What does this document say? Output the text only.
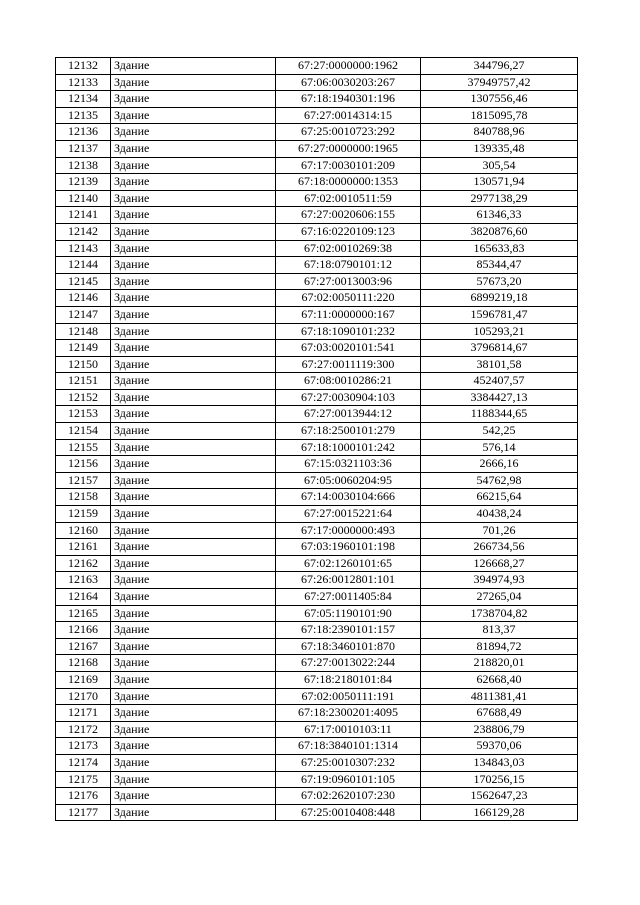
12132	Здание	67:27:0000000:1962	344796,27
12133	Здание	67:06:0030203:267	37949757,42
12134	Здание	67:18:1940301:196	1307556,46
12135	Здание	67:27:0014314:15	1815095,78
12136	Здание	67:25:0010723:292	840788,96
12137	Здание	67:27:0000000:1965	139335,48
12138	Здание	67:17:0030101:209	305,54
12139	Здание	67:18:0000000:1353	130571,94
12140	Здание	67:02:0010511:59	2977138,29
12141	Здание	67:27:0020606:155	61346,33
12142	Здание	67:16:0220109:123	3820876,60
12143	Здание	67:02:0010269:38	165633,83
12144	Здание	67:18:0790101:12	85344,47
12145	Здание	67:27:0013003:96	57673,20
12146	Здание	67:02:0050111:220	6899219,18
12147	Здание	67:11:0000000:167	1596781,47
12148	Здание	67:18:1090101:232	105293,21
12149	Здание	67:03:0020101:541	3796814,67
12150	Здание	67:27:0011119:300	38101,58
12151	Здание	67:08:0010286:21	452407,57
12152	Здание	67:27:0030904:103	3384427,13
12153	Здание	67:27:0013944:12	1188344,65
12154	Здание	67:18:2500101:279	542,25
12155	Здание	67:18:1000101:242	576,14
12156	Здание	67:15:0321103:36	2666,16
12157	Здание	67:05:0060204:95	54762,98
12158	Здание	67:14:0030104:666	66215,64
12159	Здание	67:27:0015221:64	40438,24
12160	Здание	67:17:0000000:493	701,26
12161	Здание	67:03:1960101:198	266734,56
12162	Здание	67:02:1260101:65	126668,27
12163	Здание	67:26:0012801:101	394974,93
12164	Здание	67:27:0011405:84	27265,04
12165	Здание	67:05:1190101:90	1738704,82
12166	Здание	67:18:2390101:157	813,37
12167	Здание	67:18:3460101:870	81894,72
12168	Здание	67:27:0013022:244	218820,01
12169	Здание	67:18:2180101:84	62668,40
12170	Здание	67:02:0050111:191	4811381,41
12171	Здание	67:18:2300201:4095	67688,49
12172	Здание	67:17:0010103:11	238806,79
12173	Здание	67:18:3840101:1314	59370,06
12174	Здание	67:25:0010307:232	134843,03
12175	Здание	67:19:0960101:105	170256,15
12176	Здание	67:02:2620107:230	1562647,23
12177	Здание	67:25:0010408:448	166129,28
